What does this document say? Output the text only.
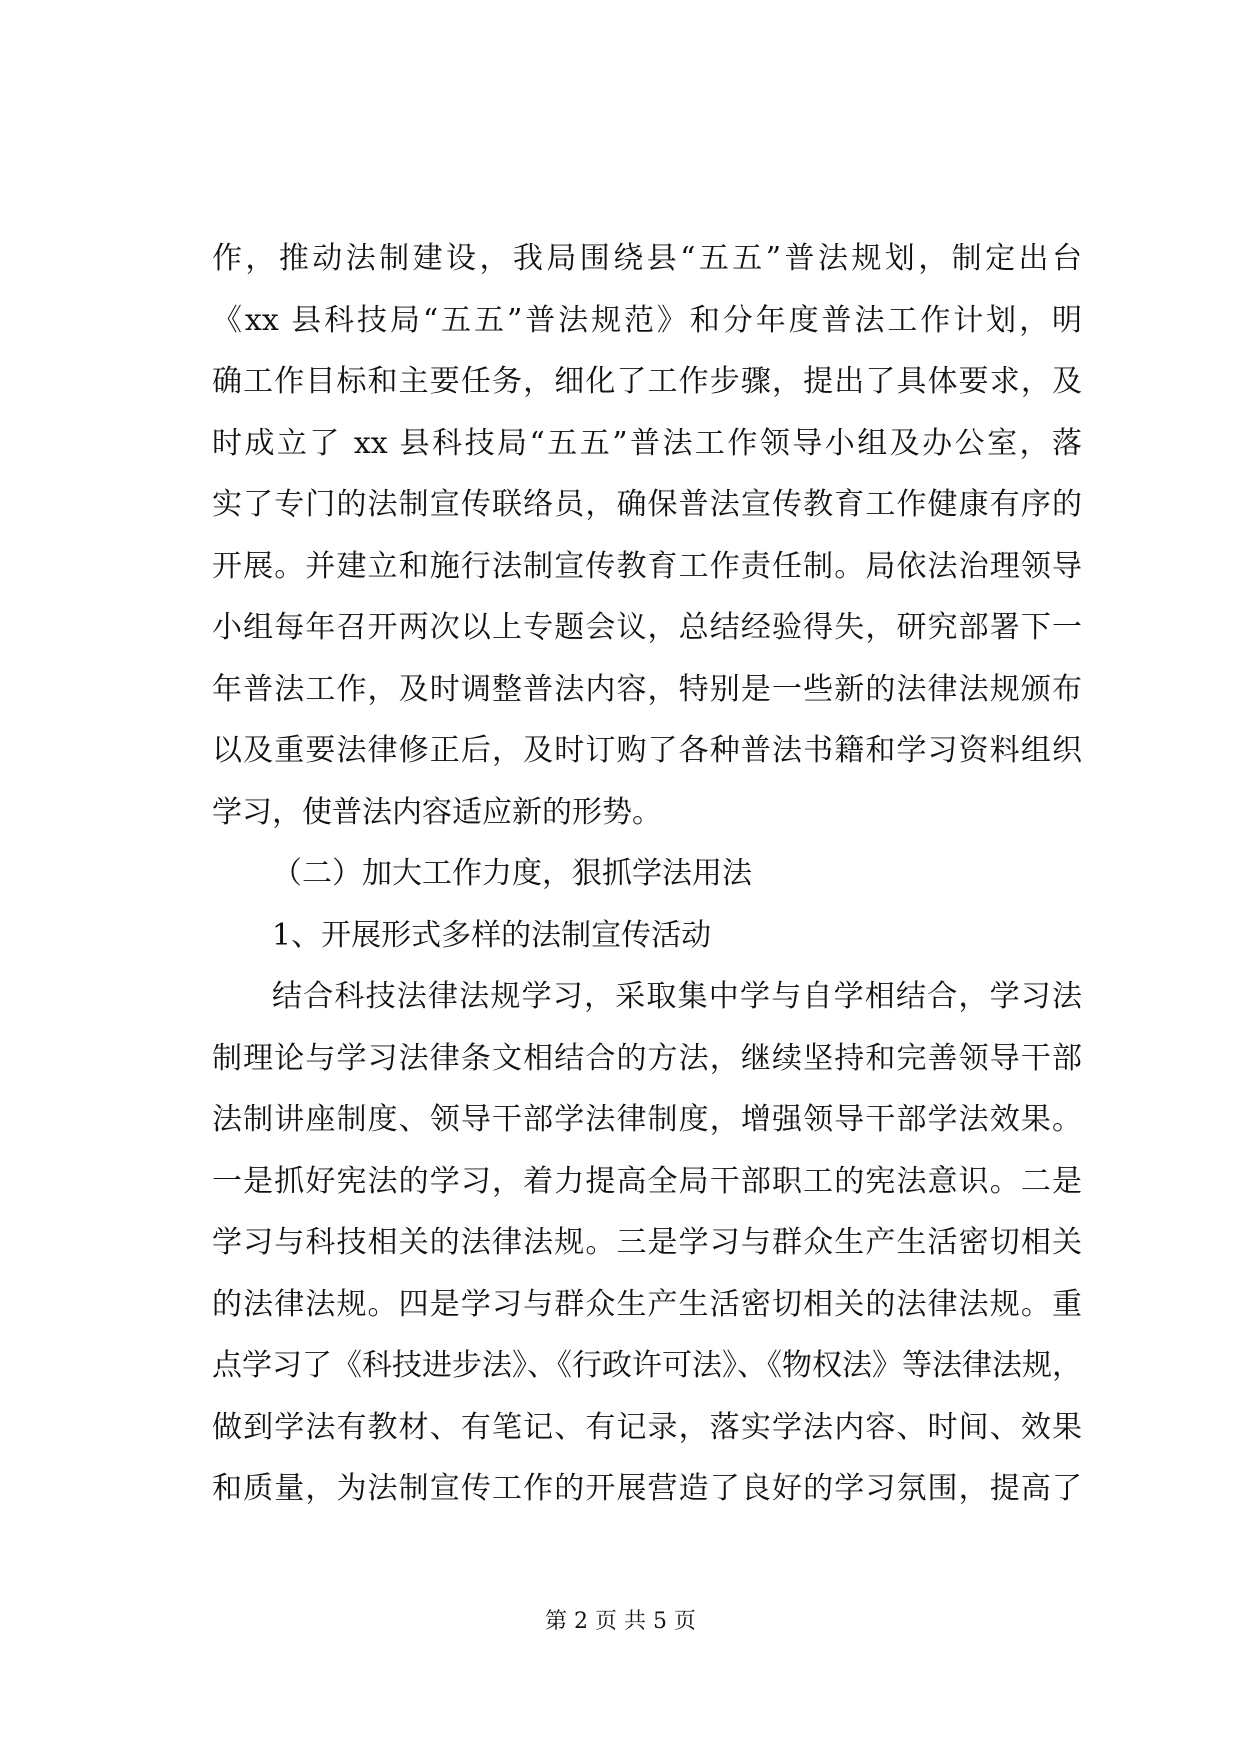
作，推动法制建设，我局围绕县“五五”普法规划，制定出台
《xx 县科技局“五五”普法规范》和分年度普法工作计划，明
确工作目标和主要任务，细化了工作步骤，提出了具体要求，及
时成立了 xx 县科技局“五五”普法工作领导小组及办公室，落
实了专门的法制宣传联络员，确保普法宣传教育工作健康有序的
开展。并建立和施行法制宣传教育工作责任制。局依法治理领导
小组每年召开两次以上专题会议，总结经验得失，研究部署下一
年普法工作，及时调整普法内容，特别是一些新的法律法规颁布
以及重要法律修正后，及时订购了各种普法书籍和学习资料组织
学习，使普法内容适应新的形势。
（二）加大工作力度，狠抓学法用法
1、开展形式多样的法制宣传活动
结合科技法律法规学习，采取集中学与自学相结合，学习法
制理论与学习法律条文相结合的方法，继续坚持和完善领导干部
法制讲座制度、领导干部学法律制度，增强领导干部学法效果。
一是抓好宪法的学习，着力提高全局干部职工的宪法意识。二是
学习与科技相关的法律法规。三是学习与群众生产生活密切相关
的法律法规。四是学习与群众生产生活密切相关的法律法规。重
点学习了《科技进步法》、《行政许可法》、《物权法》等法律法规，
做到学法有教材、有笔记、有记录，落实学法内容、时间、效果
和质量，为法制宣传工作的开展营造了良好的学习氛围，提高了
第 2 页 共 5 页
